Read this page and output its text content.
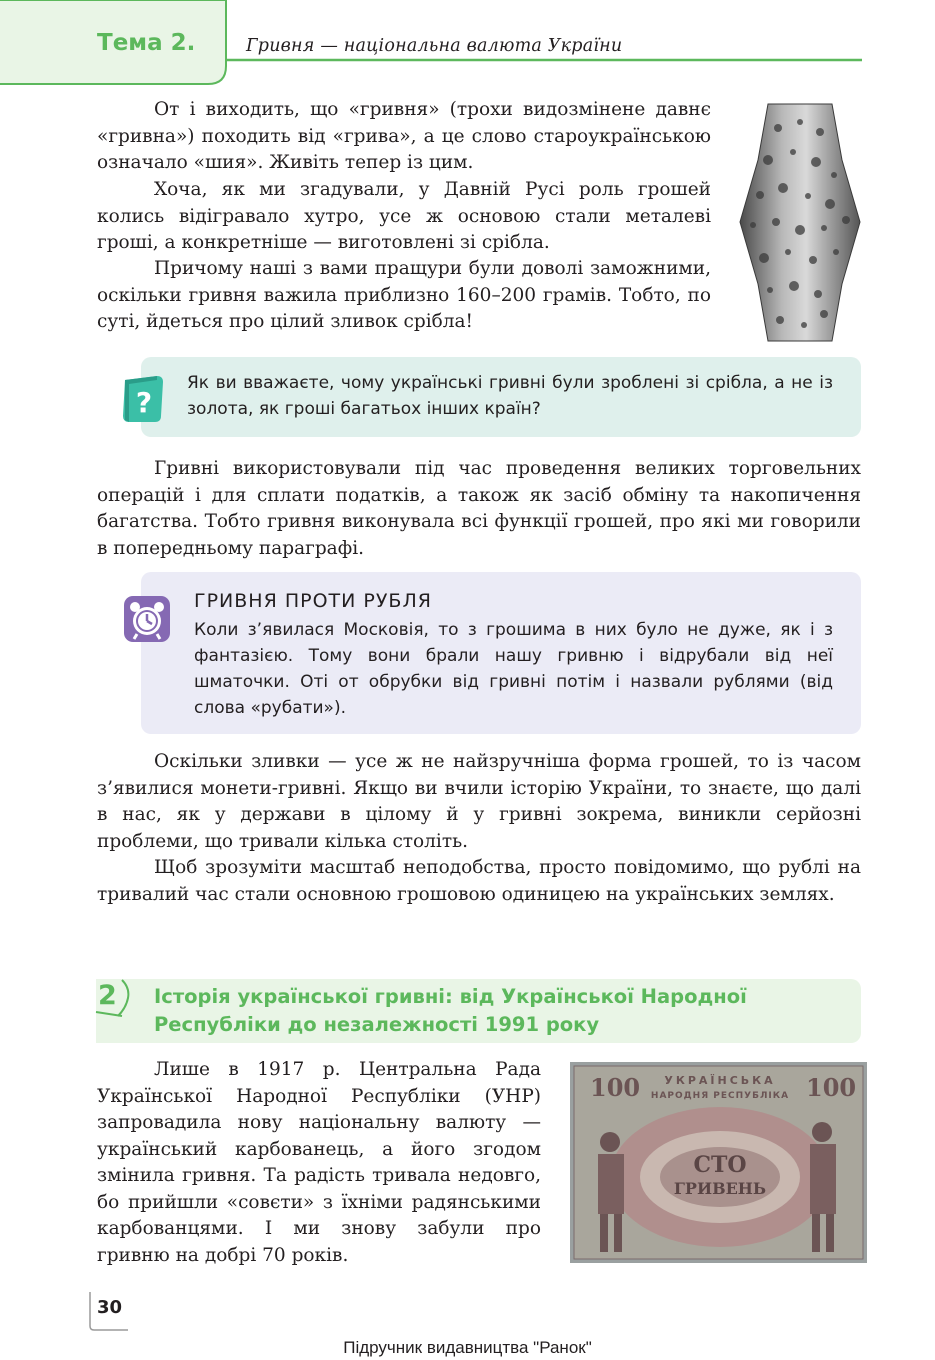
Тема 2.	Гривня — національна валюта України

От і виходить, що «гривня» (трохи видозмінене давнє «гривна») походить від «грива», а це слово староукраїнською означало «шия». Живіть тепер із цим.

Хоча, як ми згадували, у Давній Русі роль грошей колись відігравало хутро, усе ж основою стали металеві гроші, а конкретніше — виготовлені зі срібла.

Причому наші з вами пращури були доволі заможними, оскільки гривня важила приблизно 160–200 грамів. Тобто, по суті, йдеться про цілий зливок срібла!

?
Як ви вважаєте, чому українські гривні були зроблені зі срібла, а не із золота, як гроші багатьох інших країн?

Гривні використовували під час проведення великих торговельних операцій і для сплати податків, а також як засіб обміну та накопичення багатства. Тобто гривня виконувала всі функції грошей, про які ми говорили в попередньому параграфі.

ГРИВНЯ ПРОТИ РУБЛЯ
Коли з’явилася Московія, то з грошима в них було не дуже, як і з фантазією. Тому вони брали нашу гривню і відрубали від неї шматочки. Оті от обрубки від гривні потім і назвали рублями (від слова «рубати»).

Оскільки зливки — усе ж не найзручніша форма грошей, то із часом з’явилися монети-гривні. Якщо ви вчили історію України, то знаєте, що далі в нас, як у держави в цілому й у гривні зокрема, виникли серйозні проблеми, що тривали кілька століть.

Щоб зрозуміти масштаб неподобства, просто повідомимо, що рублі на тривалий час стали основною грошовою одиницею на українських землях.

2 Історія української гривні: від Української Народної Республіки до незалежності 1991 року

Лише в 1917 р. Центральна Рада Української Народної Республіки (УНР) запровадила нову національну валюту — український карбованець, а його згодом змінила гривня. Та радість тривала недовго, бо прийшли «совєти» з їхніми радянськими карбованцями. І ми знову забули про гривню на добрі 70 років.

100	100
УКРАЇНСЬКА
НАРОДНЯ РЕСПУБЛІКА
СТО
ГРИВЕНЬ
30
Підручник видавництва "Ранок"
